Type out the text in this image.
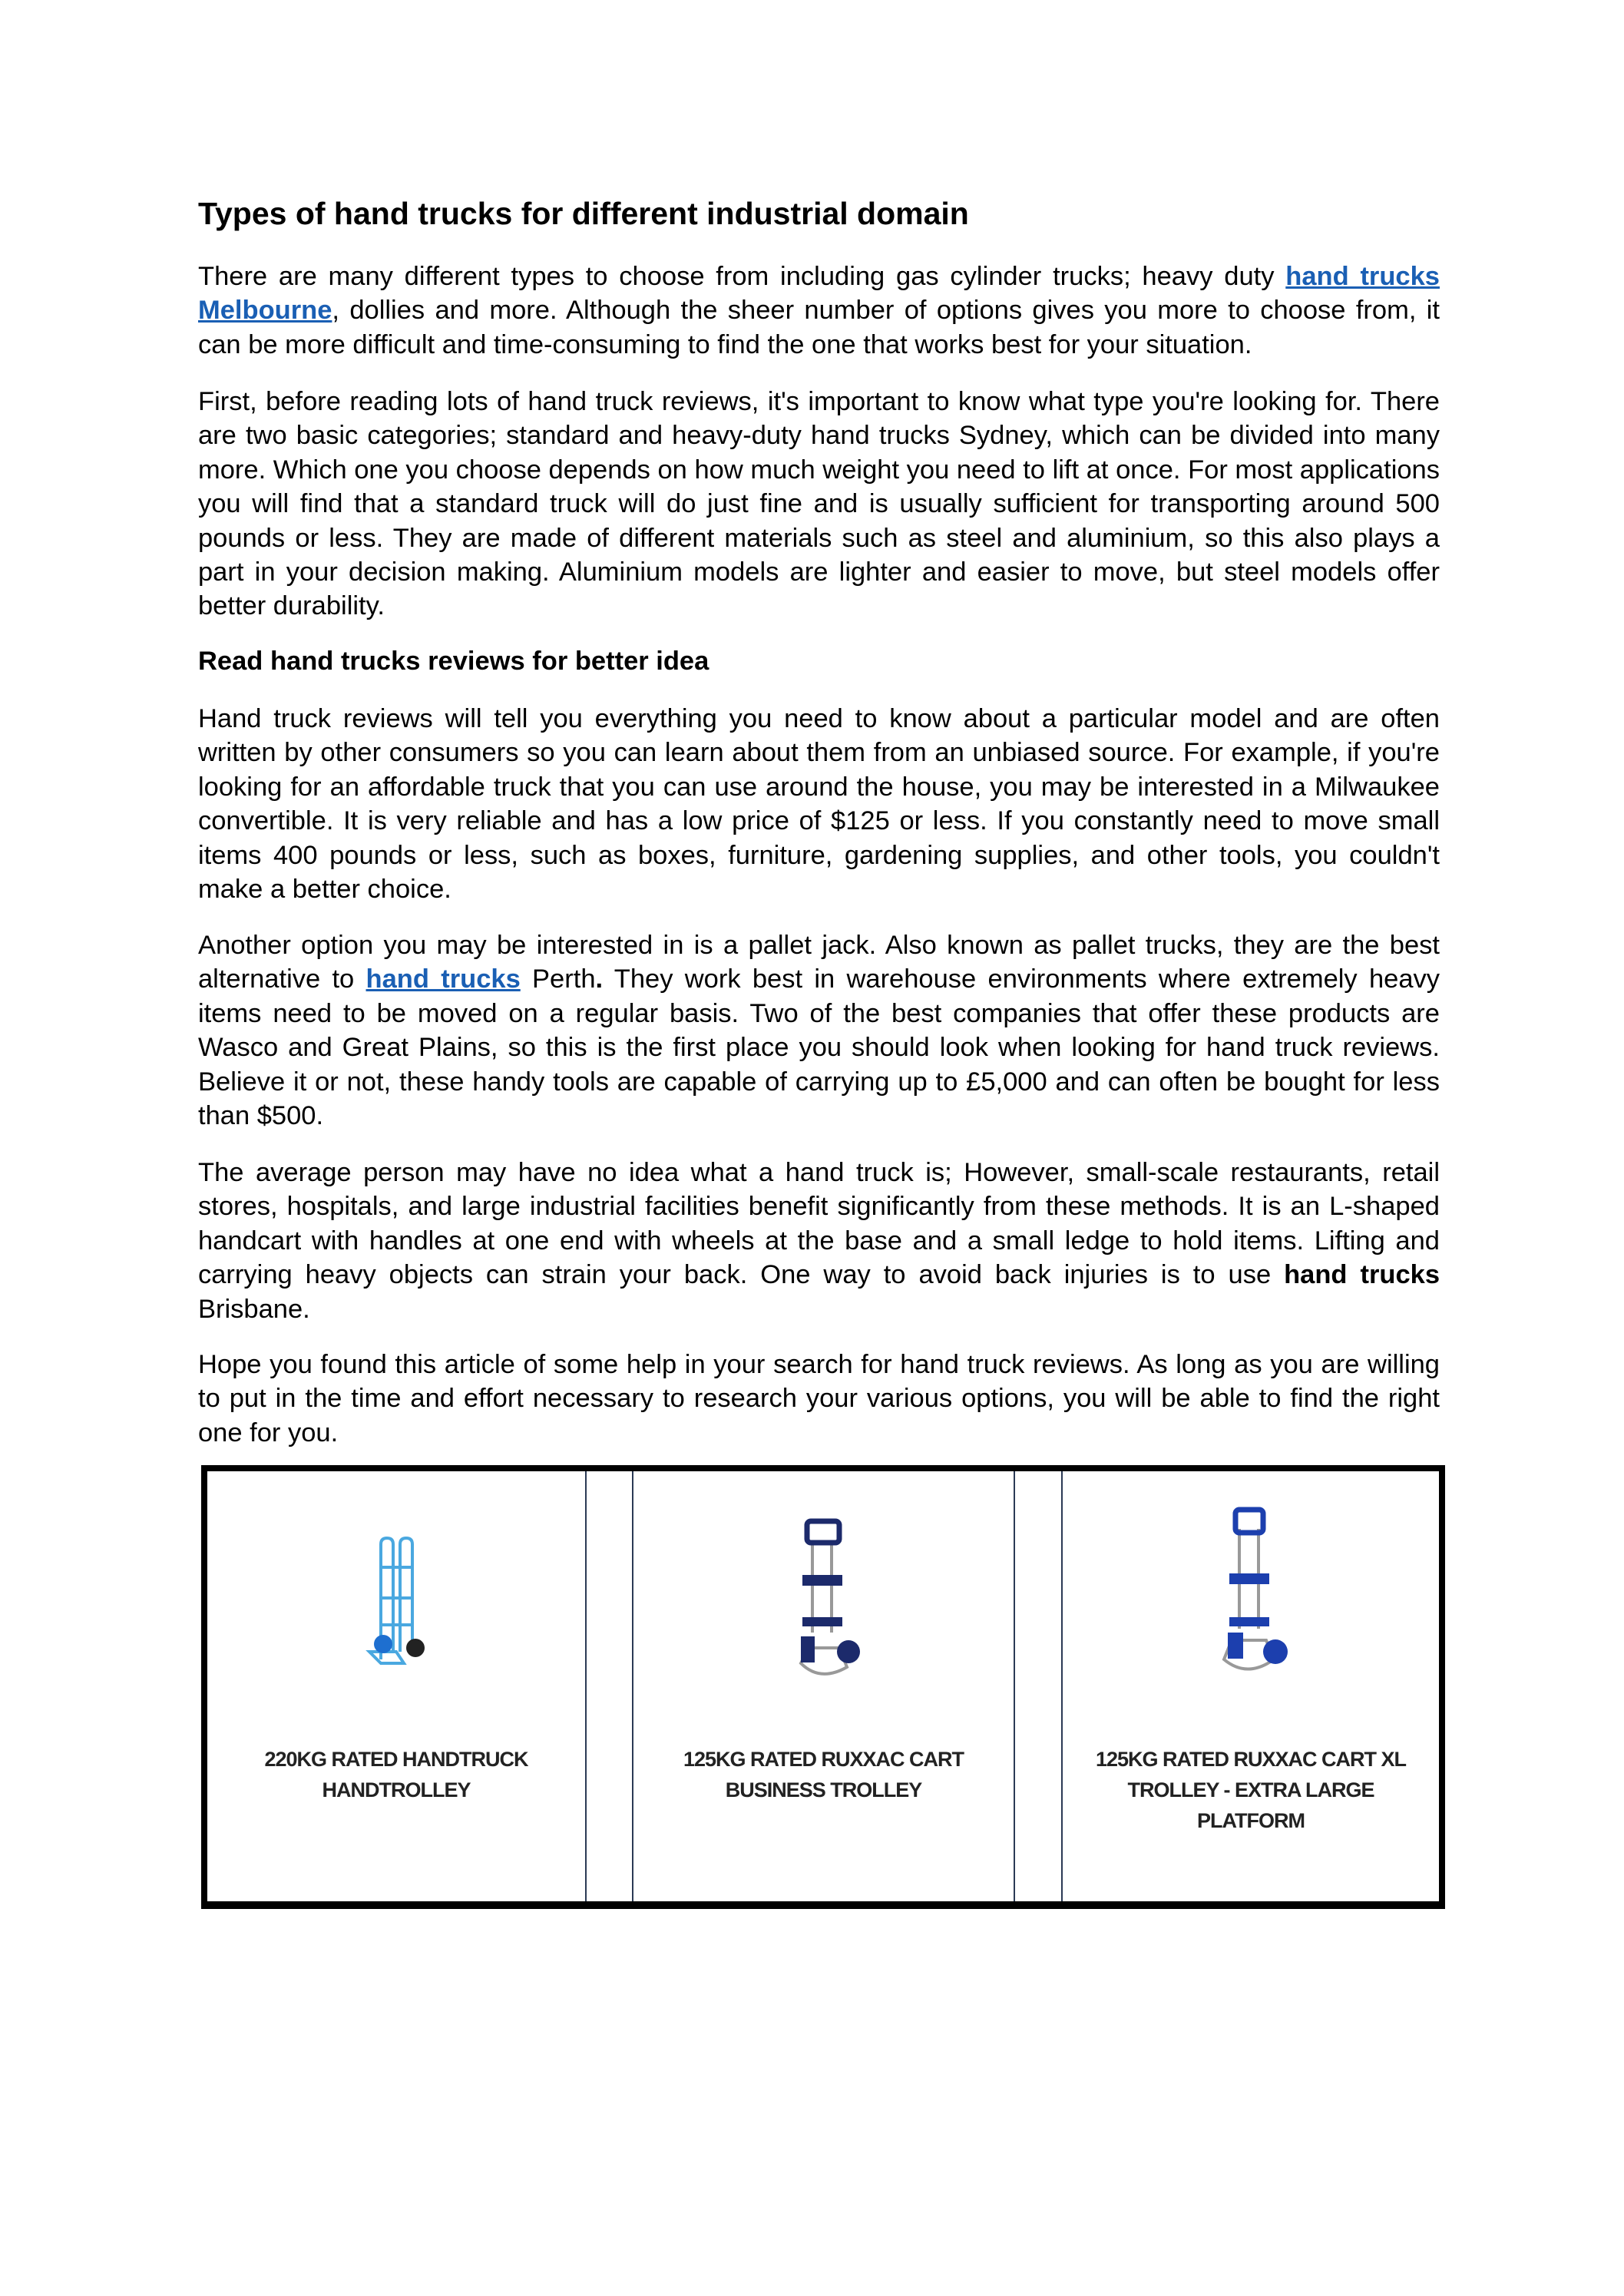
Types of hand trucks for different industrial domain

There are many different types to choose from including gas cylinder trucks; heavy duty hand trucks Melbourne, dollies and more. Although the sheer number of options gives you more to choose from, it can be more difficult and time-consuming to find the one that works best for your situation.

First, before reading lots of hand truck reviews, it's important to know what type you're looking for. There are two basic categories; standard and heavy-duty hand trucks Sydney, which can be divided into many more. Which one you choose depends on how much weight you need to lift at once. For most applications you will find that a standard truck will do just fine and is usually sufficient for transporting around 500 pounds or less. They are made of different materials such as steel and aluminium, so this also plays a part in your decision making. Aluminium models are lighter and easier to move, but steel models offer better durability.

Read hand trucks reviews for better idea

Hand truck reviews will tell you everything you need to know about a particular model and are often written by other consumers so you can learn about them from an unbiased source. For example, if you're looking for an affordable truck that you can use around the house, you may be interested in a Milwaukee convertible. It is very reliable and has a low price of $125 or less. If you constantly need to move small items 400 pounds or less, such as boxes, furniture, gardening supplies, and other tools, you couldn't make a better choice.

Another option you may be interested in is a pallet jack. Also known as pallet trucks, they are the best alternative to hand trucks Perth. They work best in warehouse environments where extremely heavy items need to be moved on a regular basis. Two of the best companies that offer these products are Wasco and Great Plains, so this is the first place you should look when looking for hand truck reviews. Believe it or not, these handy tools are capable of carrying up to £5,000 and can often be bought for less than $500.

The average person may have no idea what a hand truck is; However, small-scale restaurants, retail stores, hospitals, and large industrial facilities benefit significantly from these methods. It is an L-shaped handcart with handles at one end with wheels at the base and a small ledge to hold items. Lifting and carrying heavy objects can strain your back. One way to avoid back injuries is to use hand trucks Brisbane.

Hope you found this article of some help in your search for hand truck reviews. As long as you are willing to put in the time and effort necessary to research your various options, you will be able to find the right one for you.

220KG RATED HANDTRUCK
HANDTROLLEY
125KG RATED RUXXAC CART
BUSINESS TROLLEY
125KG RATED RUXXAC CART XL
TROLLEY - EXTRA LARGE
PLATFORM
